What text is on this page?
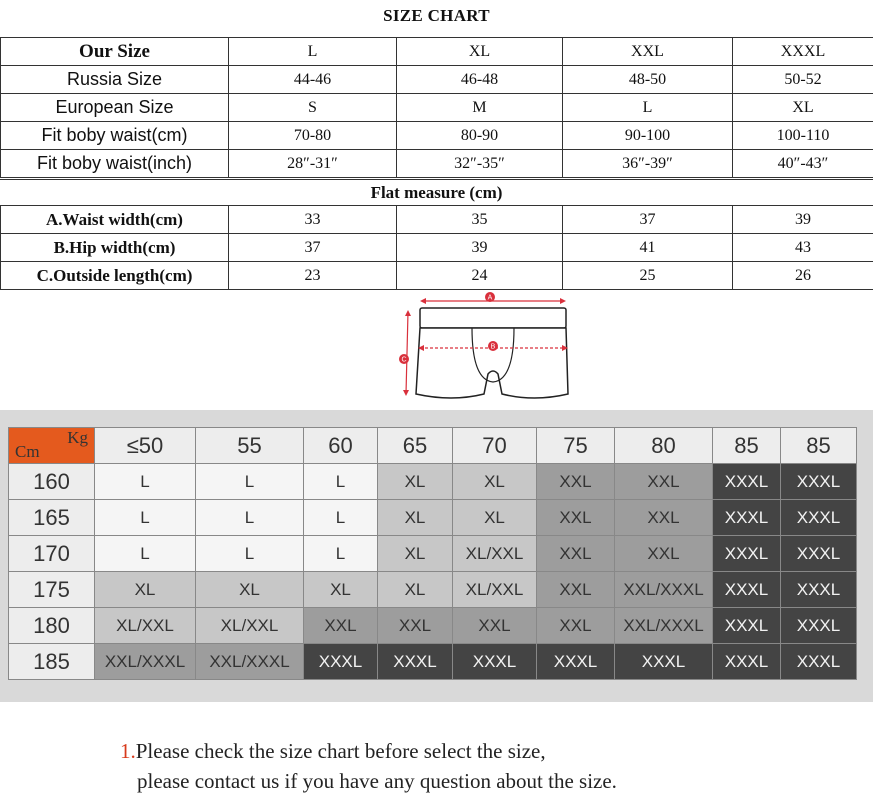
SIZE CHART
Our Size	L	XL	XXL	XXXL
Russia Size	44-46	46-48	48-50	50-52
European Size	S	M	L	XL
Fit boby waist(cm)	70-80	80-90	90-100	100-110
Fit boby waist(inch)	28″-31″	32″-35″	36″-39″	40″-43″
Flat measure (cm)
A.Waist width(cm)	33	35	37	39
B.Hip width(cm)	37	39	41	43
C.Outside length(cm)	23	24	25	26
A
B
C
Kg
Cm	≤50	55	60	65	70	75	80	85	85
160	L	L	L	XL	XL	XXL	XXL	XXXL	XXXL
165	L	L	L	XL	XL	XXL	XXL	XXXL	XXXL
170	L	L	L	XL	XL/XXL	XXL	XXL	XXXL	XXXL
175	XL	XL	XL	XL	XL/XXL	XXL	XXL/XXXL	XXXL	XXXL
180	XL/XXL	XL/XXL	XXL	XXL	XXL	XXL	XXL/XXXL	XXXL	XXXL
185	XXL/XXXL	XXL/XXXL	XXXL	XXXL	XXXL	XXXL	XXXL	XXXL	XXXL
1.Please check the size chart before select the size,
please contact us if you have any question about the size.
